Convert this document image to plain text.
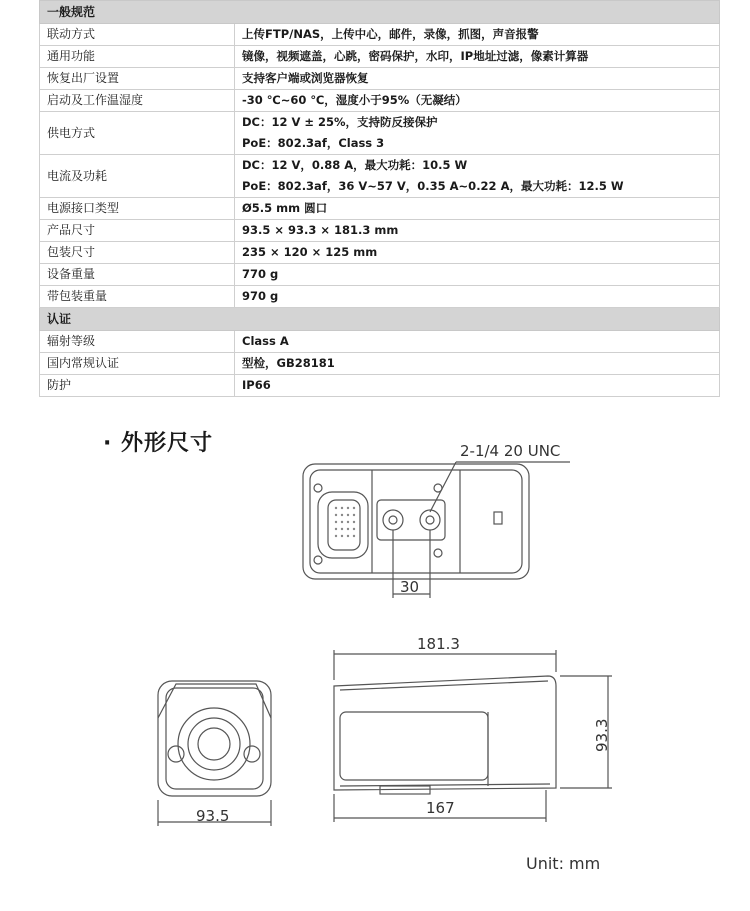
一般规范	
联动方式	上传FTP/NAS，上传中心，邮件，录像，抓图，声音报警

通用功能	镜像，视频遮盖，心跳，密码保护，水印，IP地址过滤，像素计算器

恢复出厂设置	支持客户端或浏览器恢复

启动及工作温湿度	-30 ℃~60 ℃，湿度小于95%（无凝结）

供电方式	DC：12 V ± 25%，支持防反接保护
PoE：802.3af，Class 3

电流及功耗	DC：12 V，0.88 A，最大功耗：10.5 W
PoE：802.3af，36 V~57 V，0.35 A~0.22 A，最大功耗：12.5 W

电源接口类型	Ø5.5 mm 圆口

产品尺寸	93.5 × 93.3 × 181.3 mm

包装尺寸	235 × 120 × 125 mm

设备重量	770 g

带包装重量	970 g

认证	
辐射等级	Class A

国内常规认证	型检，GB28181

防护	IP66
· 外形尺寸	2-1/4 20 UNC
30
181.3
93.5	167
93.3
Unit: mm
